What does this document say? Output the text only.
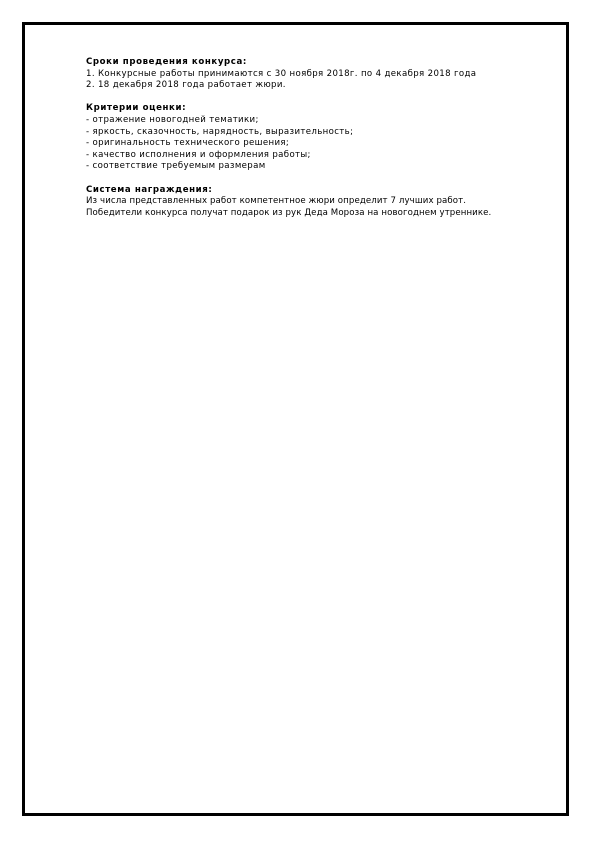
Сроки проведения конкурса:
1. Конкурсные работы принимаются с 30 ноября 2018г. по 4 декабря 2018 года
2. 18 декабря 2018 года работает жюри.
Критерии оценки:
- отражение новогодней тематики;
- яркость, сказочность, нарядность, выразительность;
- оригинальность технического решения;
- качество исполнения и оформления работы;
- соответствие требуемым размерам
Система награждения:
Из числа представленных работ компетентное жюри определит 7 лучших работ.
Победители конкурса получат подарок из рук Деда Мороза на новогоднем утреннике.
